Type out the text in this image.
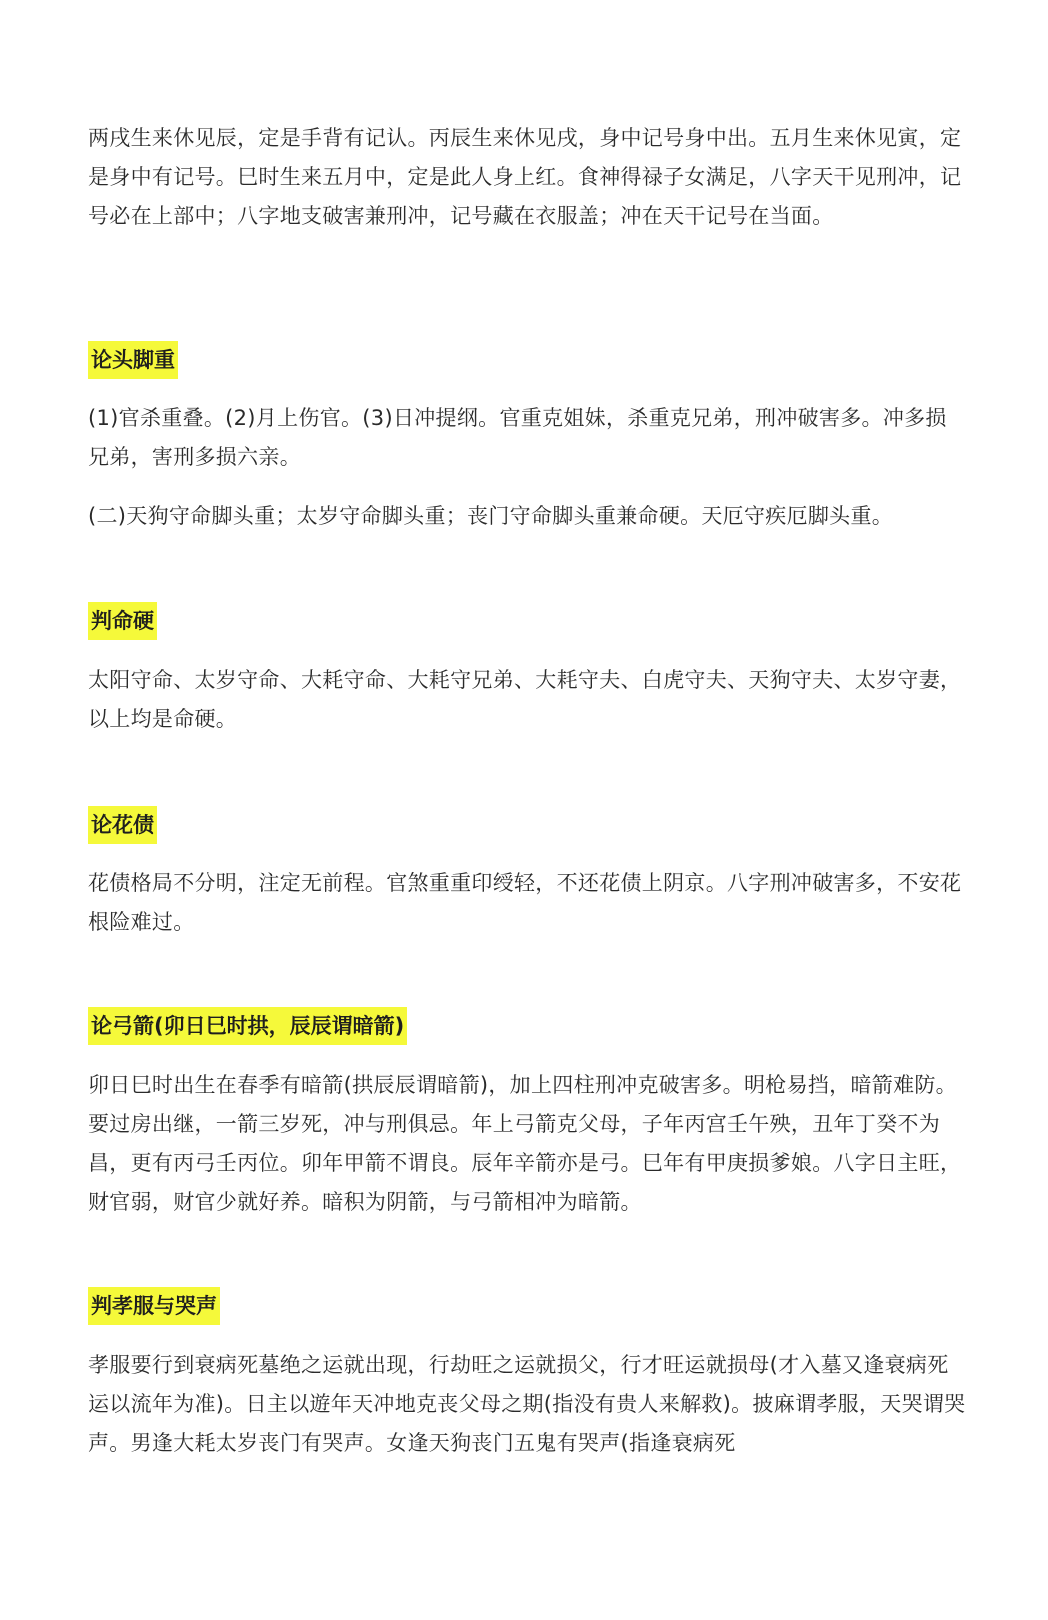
两戌生来休见辰，定是手背有记认。丙辰生来休见戌，身中记号身中出。五月生来休见寅，定是身中有记号。巳时生来五月中，定是此人身上红。食神得禄子女满足，八字天干见刑冲，记号必在上部中；八字地支破害兼刑冲，记号藏在衣服盖；冲在天干记号在当面。

论头脚重

(1)官杀重叠。(2)月上伤官。(3)日冲提纲。官重克姐妹，杀重克兄弟，刑冲破害多。冲多损兄弟，害刑多损六亲。

(二)天狗守命脚头重；太岁守命脚头重；丧门守命脚头重兼命硬。天厄守疾厄脚头重。

判命硬

太阳守命、太岁守命、大耗守命、大耗守兄弟、大耗守夫、白虎守夫、天狗守夫、太岁守妻，以上均是命硬。

论花债

花债格局不分明，注定无前程。官煞重重印绶轻，不还花债上阴京。八字刑冲破害多，不安花根险难过。

论弓箭(卯日巳时拱，辰辰谓暗箭)

卯日巳时出生在春季有暗箭(拱辰辰谓暗箭)，加上四柱刑冲克破害多。明枪易挡，暗箭难防。要过房出继，一箭三岁死，冲与刑俱忌。年上弓箭克父母，子年丙宫壬午殃，丑年丁癸不为昌，更有丙弓壬丙位。卯年甲箭不谓良。辰年辛箭亦是弓。巳年有甲庚损爹娘。八字日主旺，财官弱，财官少就好养。暗积为阴箭，与弓箭相冲为暗箭。

判孝服与哭声

孝服要行到衰病死墓绝之运就出现，行劫旺之运就损父，行才旺运就损母(才入墓又逢衰病死运以流年为准)。日主以遊年天冲地克丧父母之期(指没有贵人来解救)。披麻谓孝服，天哭谓哭声。男逢大耗太岁丧门有哭声。女逢天狗丧门五鬼有哭声(指逢衰病死
